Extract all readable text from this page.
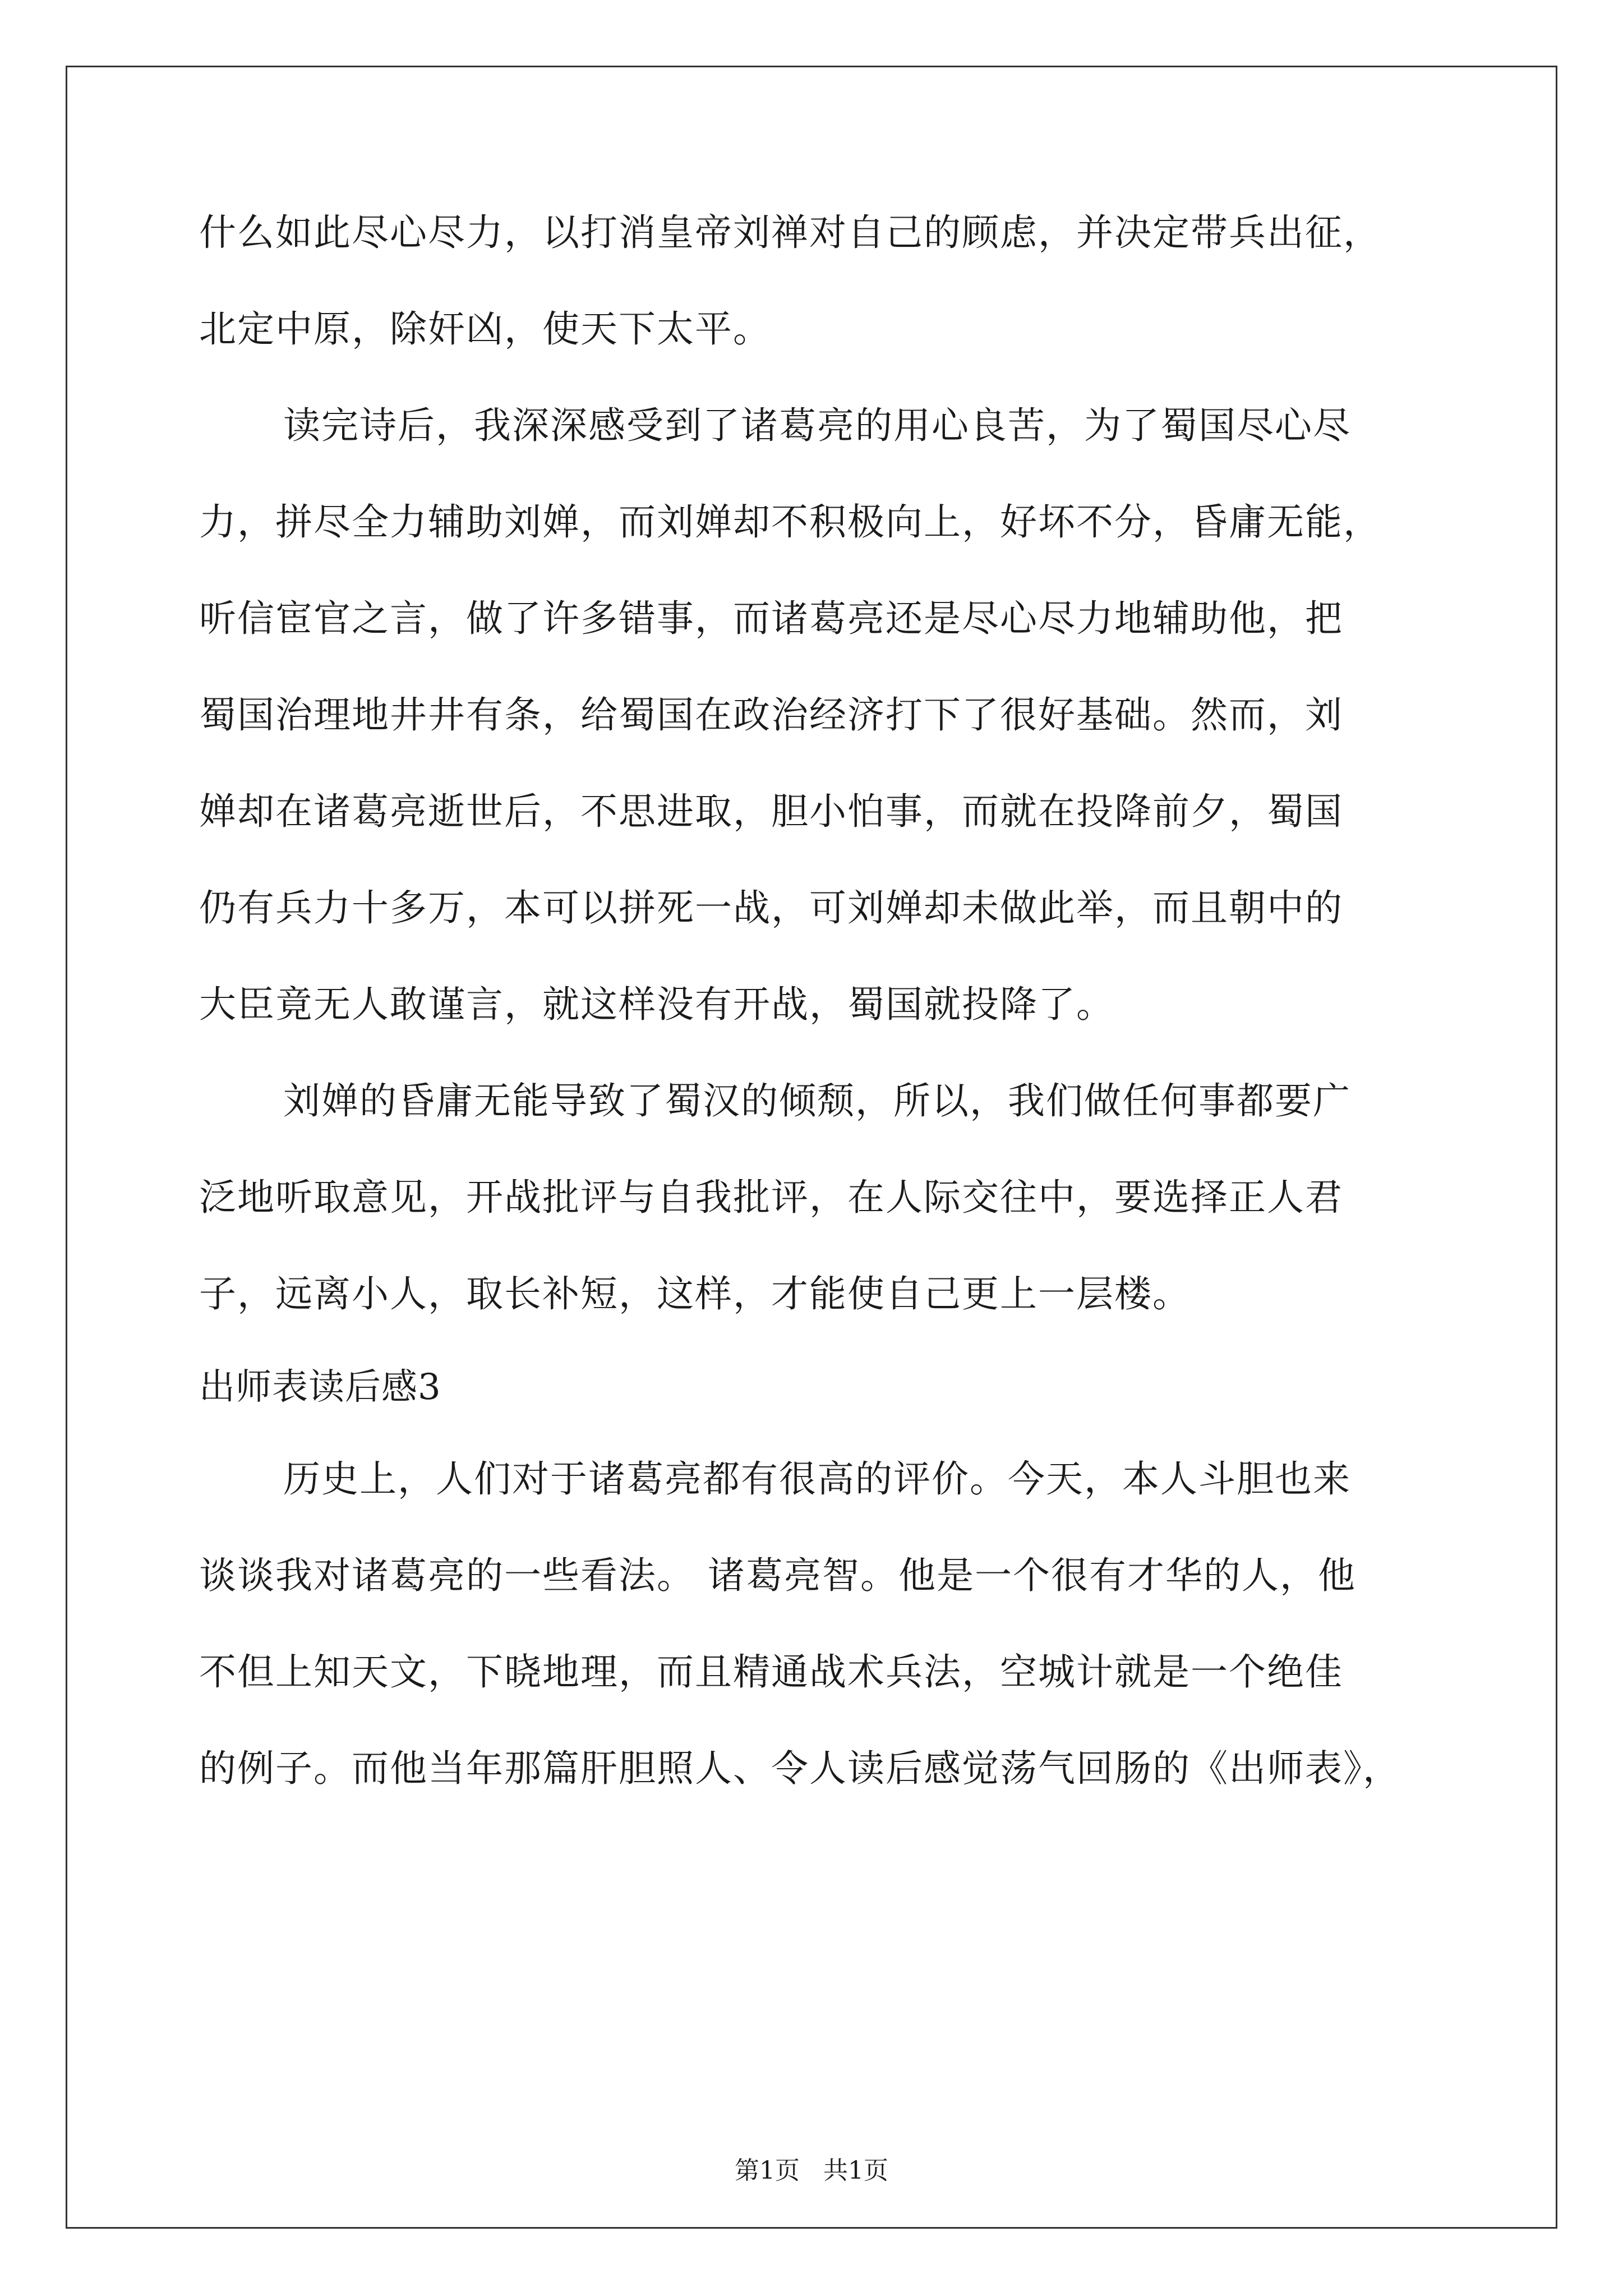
什么如此尽心尽力，以打消皇帝刘禅对自己的顾虑，并决定带兵出征，
北定中原，除奸凶，使天下太平。
读完诗后，我深深感受到了诸葛亮的用心良苦，为了蜀国尽心尽
力，拼尽全力辅助刘婵，而刘婵却不积极向上，好坏不分，昏庸无能，
听信宦官之言，做了许多错事，而诸葛亮还是尽心尽力地辅助他，把
蜀国治理地井井有条，给蜀国在政治经济打下了很好基础。然而，刘
婵却在诸葛亮逝世后，不思进取，胆小怕事，而就在投降前夕，蜀国
仍有兵力十多万，本可以拼死一战，可刘婵却未做此举，而且朝中的
大臣竟无人敢谨言，就这样没有开战，蜀国就投降了。
刘婵的昏庸无能导致了蜀汉的倾颓，所以，我们做任何事都要广
泛地听取意见，开战批评与自我批评，在人际交往中，要选择正人君
子，远离小人，取长补短，这样，才能使自己更上一层楼。
出师表读后感3
历史上，人们对于诸葛亮都有很高的评价。今天，本人斗胆也来
谈谈我对诸葛亮的一些看法。 诸葛亮智。他是一个很有才华的人，他
不但上知天文，下晓地理，而且精通战术兵法，空城计就是一个绝佳
的例子。而他当年那篇肝胆照人、令人读后感觉荡气回肠的《出师表》，
第1页 共1页
